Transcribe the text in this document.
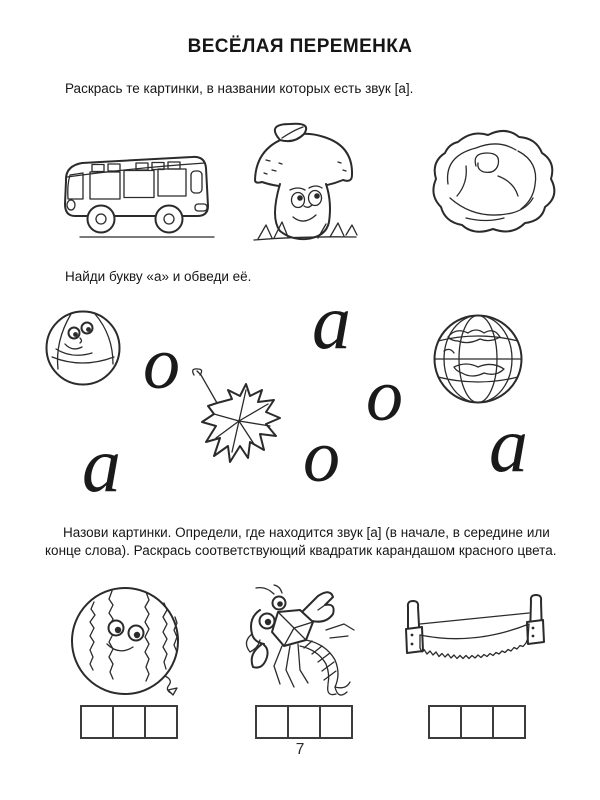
ВЕСЁЛАЯ ПЕРЕМЕНКА
Раскрась те картинки, в названии которых есть звук [а].
Найди букву «а» и обведи её.
а
о	о
а о а
Назови картинки. Определи, где находится звук [а] (в начале, в середине или конце слова). Раскрась соответствующий квадратик карандашом красного цвета.
7
